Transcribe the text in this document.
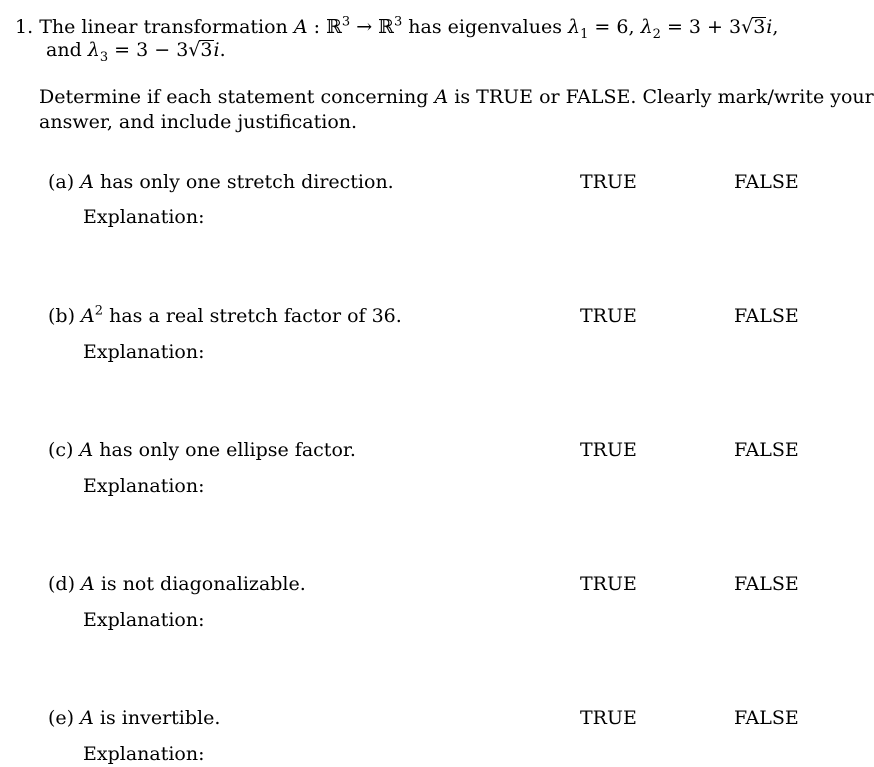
1. The linear transformation A : ℝ$^3$ → ℝ$^3$ has eigenvalues $\lambda_1 = 6$, $\lambda_2 = 3 + 3√3i$,
and $\lambda_3 = 3 - 3√3i$.
Determine if each statement concerning A is TRUE or FALSE. Clearly mark/write your
answer, and include justification.
(a) A has only one stretch direction.	TRUE	FALSE
Explanation:
(b) $A^2$ has a real stretch factor of 36.	TRUE	FALSE
Explanation:
(c) A has only one ellipse factor.	TRUE	FALSE
Explanation:
(d) A is not diagonalizable.	TRUE	FALSE
Explanation:
(e) A is invertible.	TRUE	FALSE
Explanation:
